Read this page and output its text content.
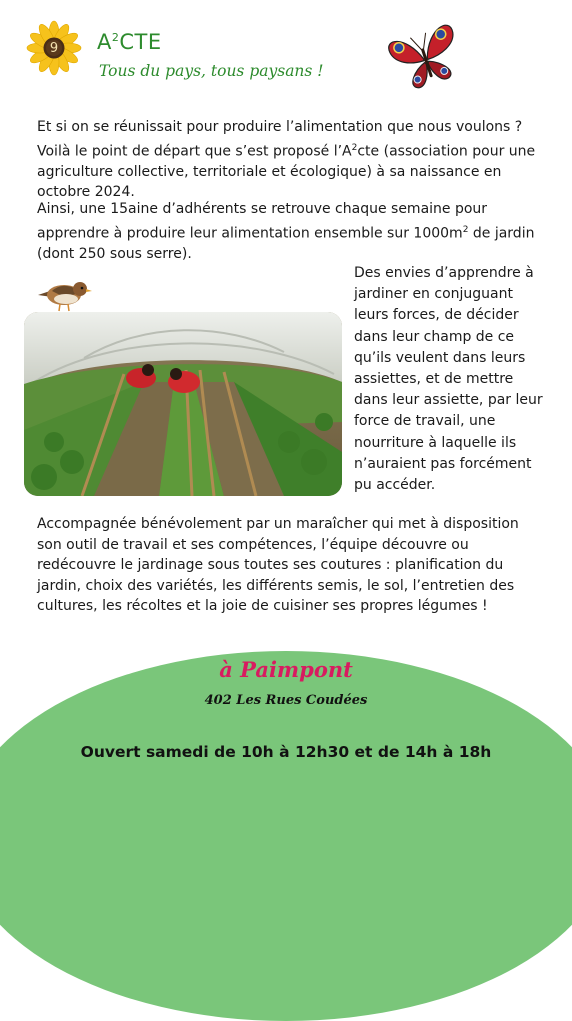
9	$A^2CTE$
Tous du pays, tous paysans !

Et si on se réunissait pour produire l’alimentation que nous voulons ? Voilà le point de départ que s’est proposé $l’A^2cte$ (association pour une agriculture collective, territoriale et écologique) à sa naissance en octobre 2024.

Ainsi, une 15aine d’adhérents se retrouve chaque semaine pour apprendre à produire leur alimentation ensemble sur $1000m^2$ de jardin (dont 250 sous serre).

Des envies d’apprendre à jardiner en conjuguant leurs forces, de décider dans leur champ de ce qu’ils veulent dans leurs assiettes, et de mettre dans leur assiette, par leur force de travail, une nourriture à laquelle ils n’auraient pas forcément pu accéder.

Accompagnée bénévolement par un maraîcher qui met à disposition son outil de travail et ses compétences, l’équipe découvre ou redécouvre le jardinage sous toutes ses coutures : planification du jardin, choix des variétés, les différents semis, le sol, l’entretien des cultures, les récoltes et la joie de cuisiner ses propres légumes !

à Paimpont
402 Les Rues Coudées
Ouvert samedi de 10h à 12h30 et de 14h à 18h
